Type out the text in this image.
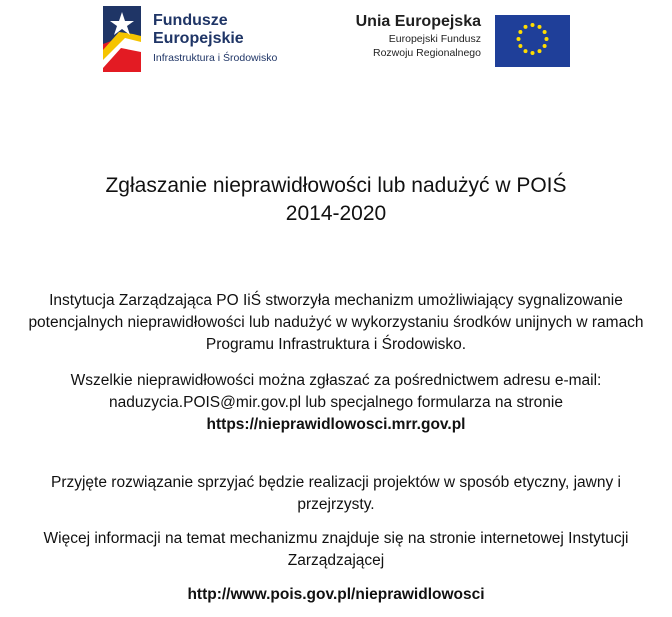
Fundusze
Europejskie
Infrastruktura i Środowisko
Unia Europejska
Europejski Fundusz
Rozwoju Regionalnego
Zgłaszanie nieprawidłowości lub nadużyć w POIŚ
2014-2020
Instytucja Zarządzająca PO IiŚ stworzyła mechanizm umożliwiający sygnalizowanie
potencjalnych nieprawidłowości lub nadużyć w wykorzystaniu środków unijnych w ramach
Programu Infrastruktura i Środowisko.
Wszelkie nieprawidłowości można zgłaszać za pośrednictwem adresu e-mail:
naduzycia.POIS@mir.gov.pl lub specjalnego formularza na stronie
https://nieprawidlowosci.mrr.gov.pl
Przyjęte rozwiązanie sprzyjać będzie realizacji projektów w sposób etyczny, jawny i
przejrzysty.
Więcej informacji na temat mechanizmu znajduje się na stronie internetowej Instytucji
Zarządzającej
http://www.pois.gov.pl/nieprawidlowosci
